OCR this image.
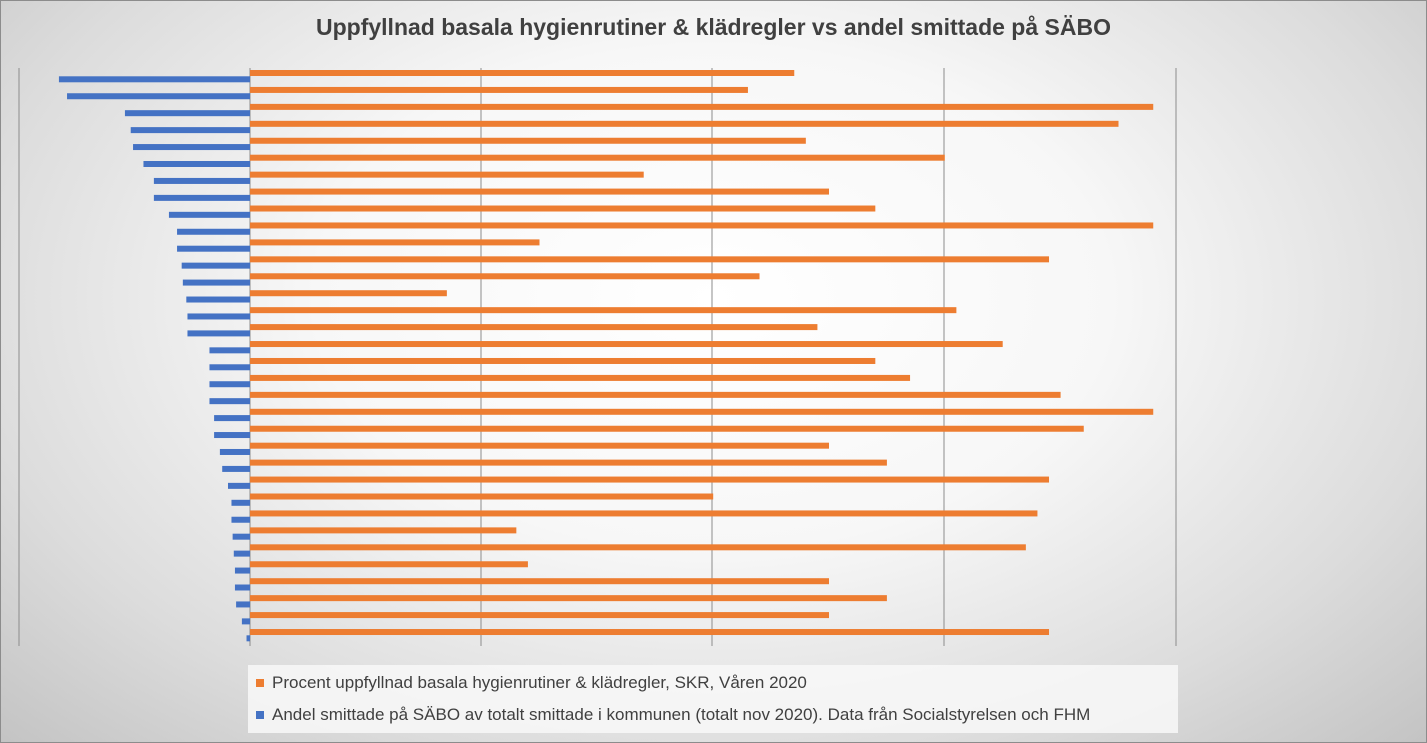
Uppfyllnad basala hygienrutiner & klädregler vs andel smittade på SÄBO
Procent uppfyllnad basala hygienrutiner & klädregler, SKR, Våren 2020
Andel smittade på SÄBO av totalt smittade i kommunen (totalt nov 2020). Data från Socialstyrelsen och FHM
